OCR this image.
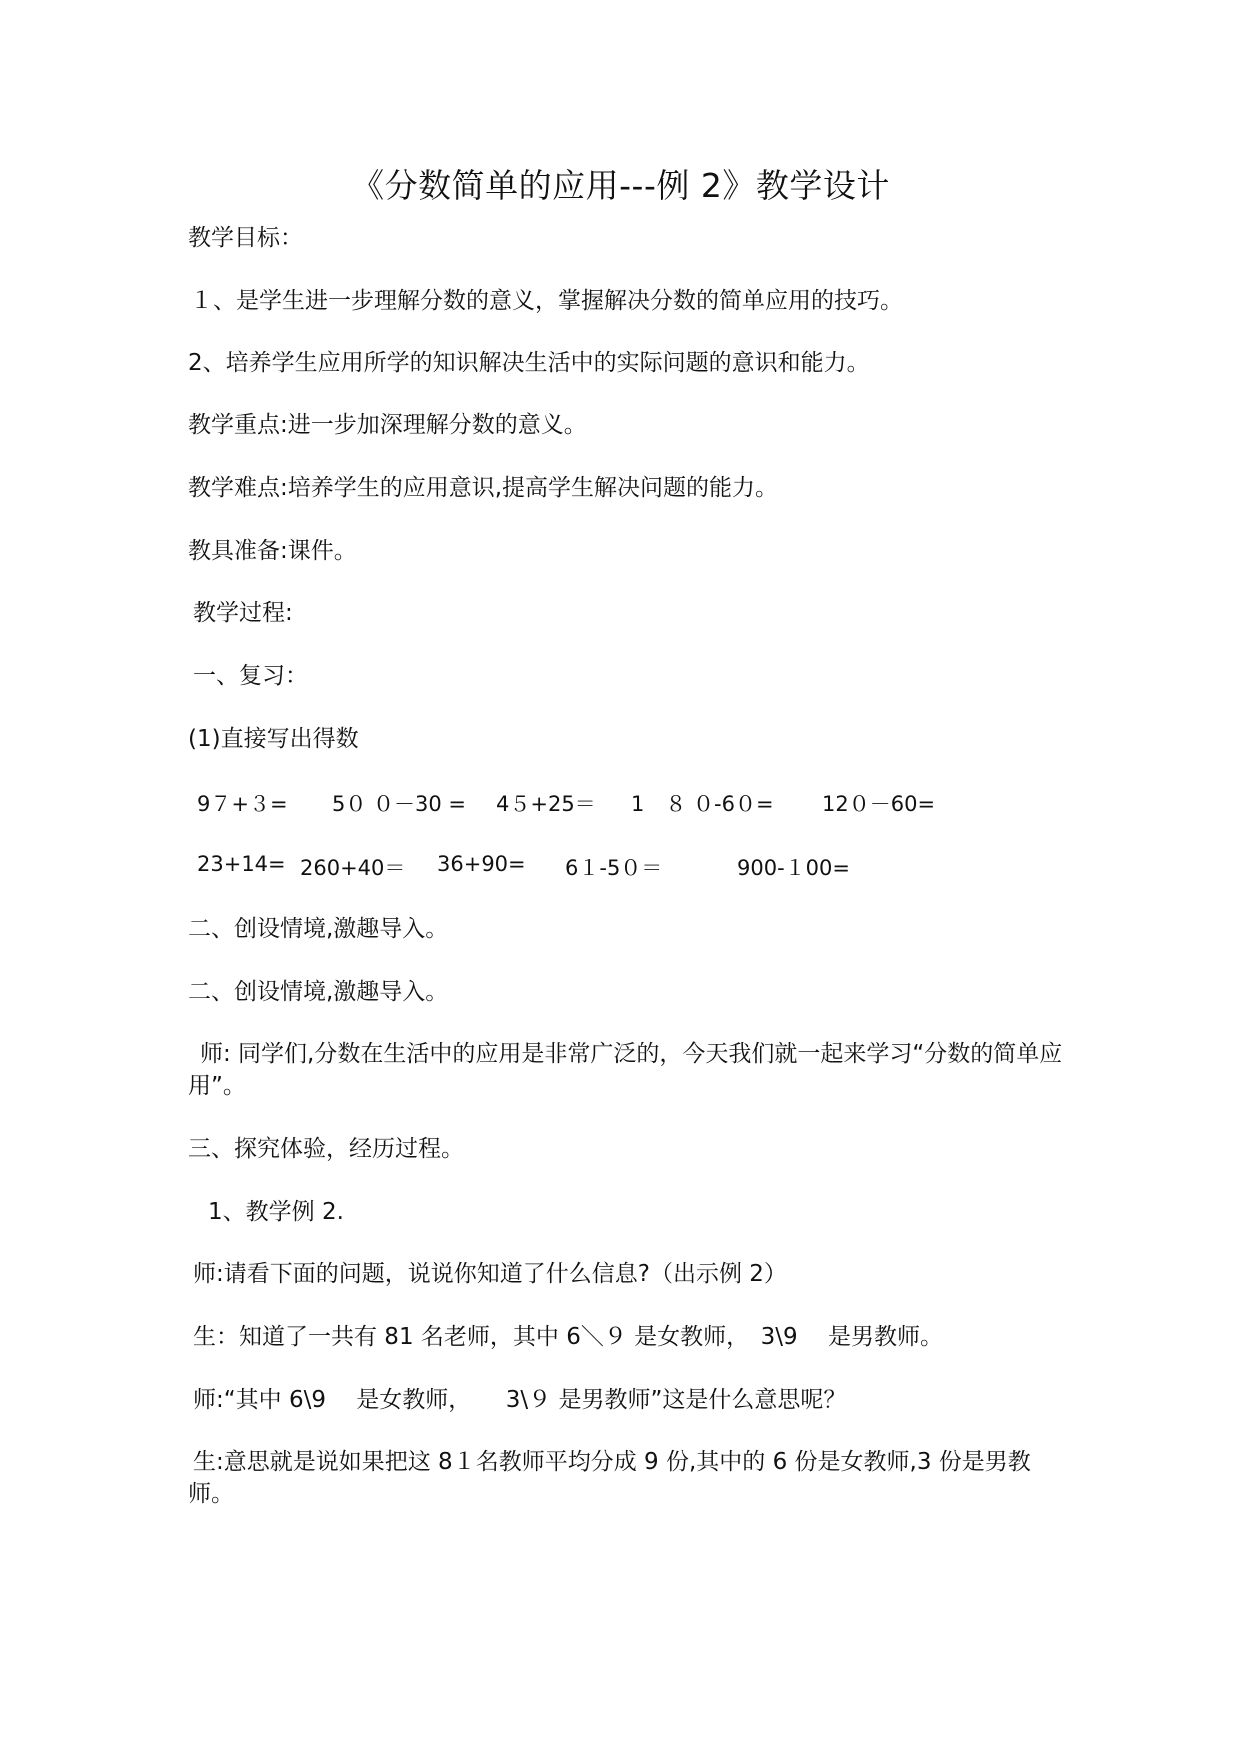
《分数简单的应用---例 2》教学设计
教学目标：
１、是学生进一步理解分数的意义，掌握解决分数的简单应用的技巧。
2、培养学生应用所学的知识解决生活中的实际问题的意识和能力。
教学重点:进一步加深理解分数的意义。
教学难点:培养学生的应用意识,提高学生解决问题的能力。
教具准备:课件。
教学过程:
一、复习：
(1)直接写出得数
9７+３= 5０ ０－30 = 4５+25＝ 1　８ ０-6０= 12０－60=
23+14= 260+40＝ 36+90= 6１-5０＝	900-１00=
二、创设情境,激趣导入。
二、创设情境,激趣导入。
师: 同学们,分数在生活中的应用是非常广泛的，今天我们就一起来学习“分数的简单应用”。
三、探究体验，经历过程。
1、教学例 2.
师:请看下面的问题，说说你知道了什么信息?（出示例 2）
生：知道了一共有 81 名老师，其中 6＼９ 是女教师，　3\9　 是男教师。
师:“其中 6\9　 是女教师，　　3\９ 是男教师”这是什么意思呢？
生:意思就是说如果把这 8１名教师平均分成 9 份,其中的 6 份是女教师,3 份是男教师。
